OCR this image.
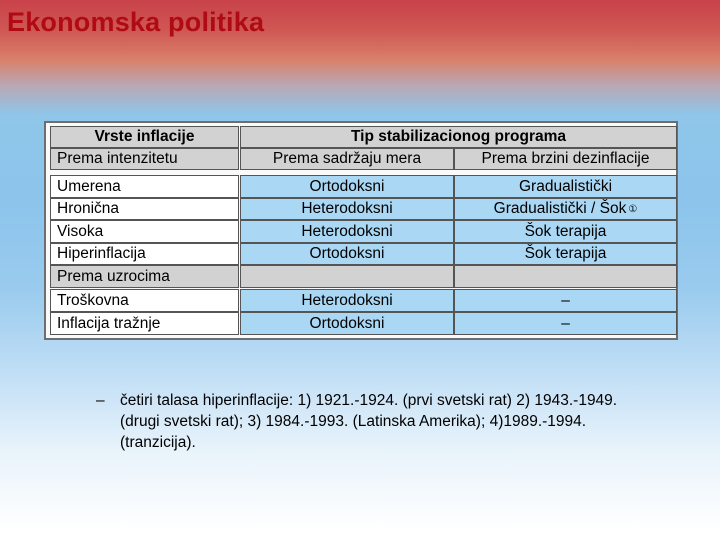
Ekonomska politika
Vrste inflacije	Tip stabilizacionog programa
Prema intenzitetu	Prema sadržaju mera	Prema brzini dezinflacije
Umerena	Ortodoksni	Gradualistički
Hronična	Heterodoksni	Gradualistički / Šok ①
Visoka	Heterodoksni	Šok terapija
Hiperinflacija	Ortodoksni	Šok terapija
Prema uzrocima
Troškovna	Heterodoksni	–
Inflacija tražnje	Ortodoksni	–
– četiri talasa hiperinflacije: 1) 1921.-1924. (prvi svetski rat) 2) 1943.-1949. (drugi svetski rat); 3) 1984.-1993. (Latinska Amerika); 4)1989.-1994.(tranzicija).
